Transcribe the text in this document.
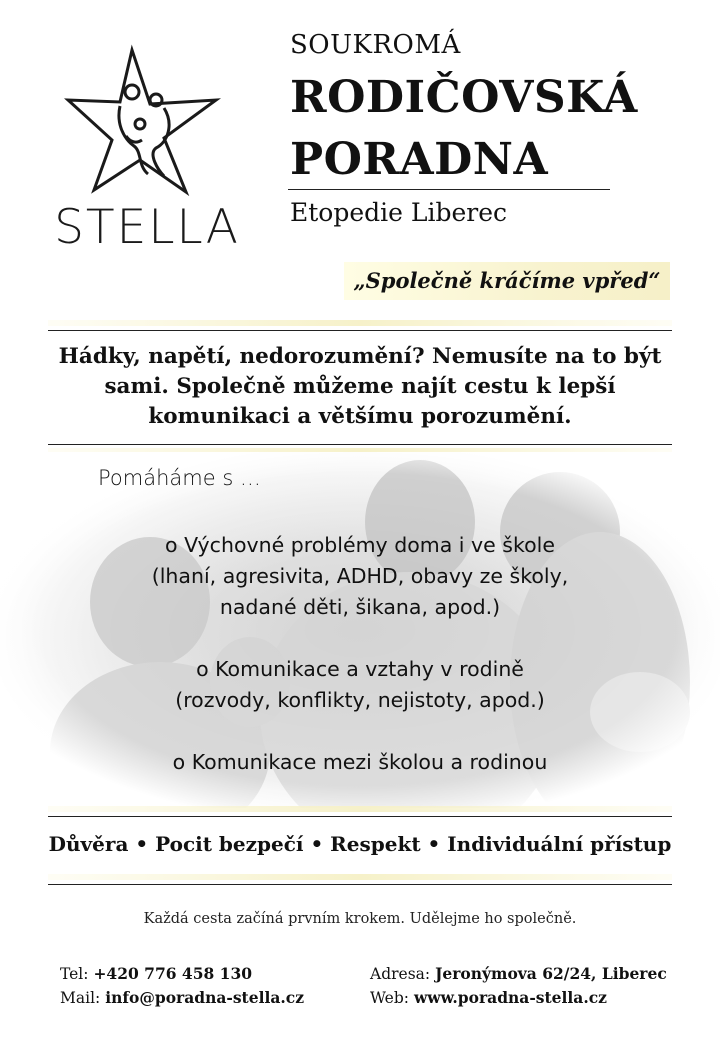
STELLA
SOUKROMÁ
RODIČOVSKÁ
PORADNA
Etopedie Liberec
„Společně kráčíme vpřed“
Hádky, napětí, nedorozumění? Nemusíte na to být sami. Společně můžeme najít cestu k lepší komunikaci a většímu porozumění.
Pomáháme s …

o Výchovné problémy doma i ve škole

(lhaní, agresivita, ADHD, obavy ze školy,

nadané děti, šikana, apod.)

o Komunikace a vztahy v rodině

(rozvody, konflikty, nejistoty, apod.)

o Komunikace mezi školou a rodinou

Důvěra • Pocit bezpečí • Respekt • Individuální přístup
Každá cesta začíná prvním krokem. Udělejme ho společně.
Tel: +420 776 458 130
Mail: info@poradna-stella.cz
Adresa: Jeronýmova 62/24, Liberec
Web: www.poradna-stella.cz
